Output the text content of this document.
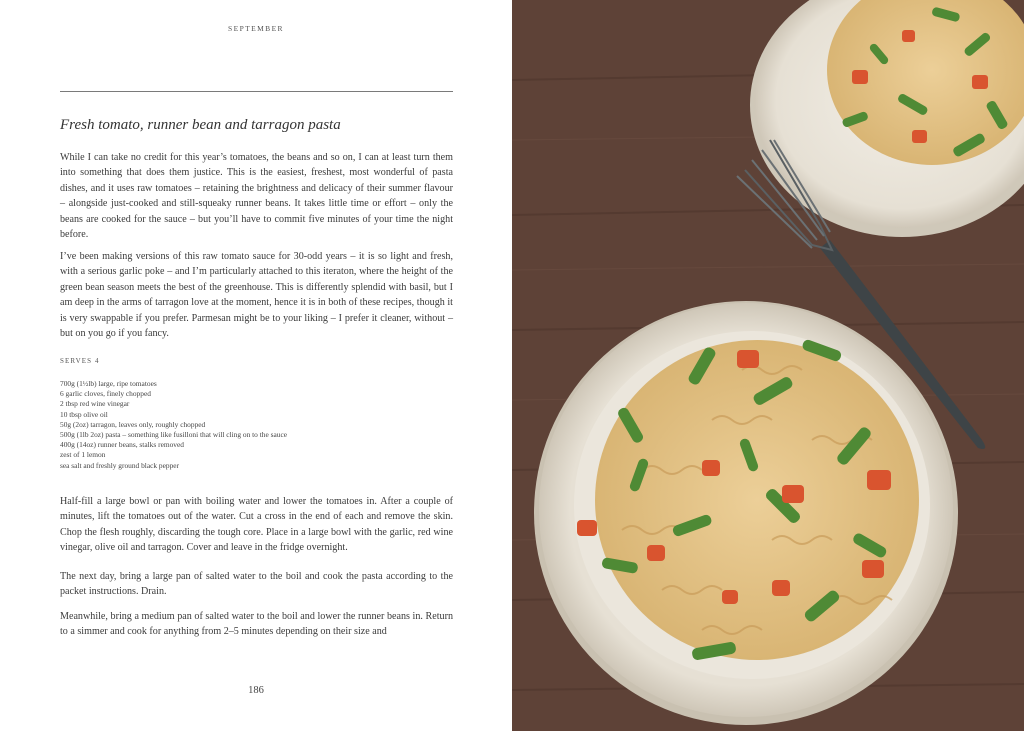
SEPTEMBER
Fresh tomato, runner bean and tarragon pasta

While I can take no credit for this year’s tomatoes, the beans and so on, I can at least turn them into something that does them justice. This is the easiest, freshest, most wonderful of pasta dishes, and it uses raw tomatoes – retaining the brightness and delicacy of their summer flavour – alongside just-cooked and still-squeaky runner beans. It takes little time or effort – only the beans are cooked for the sauce – but you’ll have to commit five minutes of your time the night before.

I’ve been making versions of this raw tomato sauce for 30-odd years – it is so light and fresh, with a serious garlic poke – and I’m particularly attached to this iteraton, where the height of the green bean season meets the best of the greenhouse. This is differently splendid with basil, but I am deep in the arms of tarragon love at the moment, hence it is in both of these recipes, though it is very swappable if you prefer. Parmesan might be to your liking – I prefer it cleaner, without – but on you go if you fancy.

SERVES 4
700g (1½lb) large, ripe tomatoes
6 garlic cloves, finely chopped
2 tbsp red wine vinegar
10 tbsp olive oil
50g (2oz) tarragon, leaves only, roughly chopped
500g (1lb 2oz) pasta – something like fusilloni that will cling on to the sauce
400g (14oz) runner beans, stalks removed
zest of 1 lemon
sea salt and freshly ground black pepper

Half-fill a large bowl or pan with boiling water and lower the tomatoes in. After a couple of minutes, lift the tomatoes out of the water. Cut a cross in the end of each and remove the skin. Chop the flesh roughly, discarding the tough core. Place in a large bowl with the garlic, red wine vinegar, olive oil and tarragon. Cover and leave in the fridge overnight.

The next day, bring a large pan of salted water to the boil and cook the pasta according to the packet instructions. Drain.

Meanwhile, bring a medium pan of salted water to the boil and lower the runner beans in. Return to a simmer and cook for anything from 2–5 minutes depending on their size and

186
